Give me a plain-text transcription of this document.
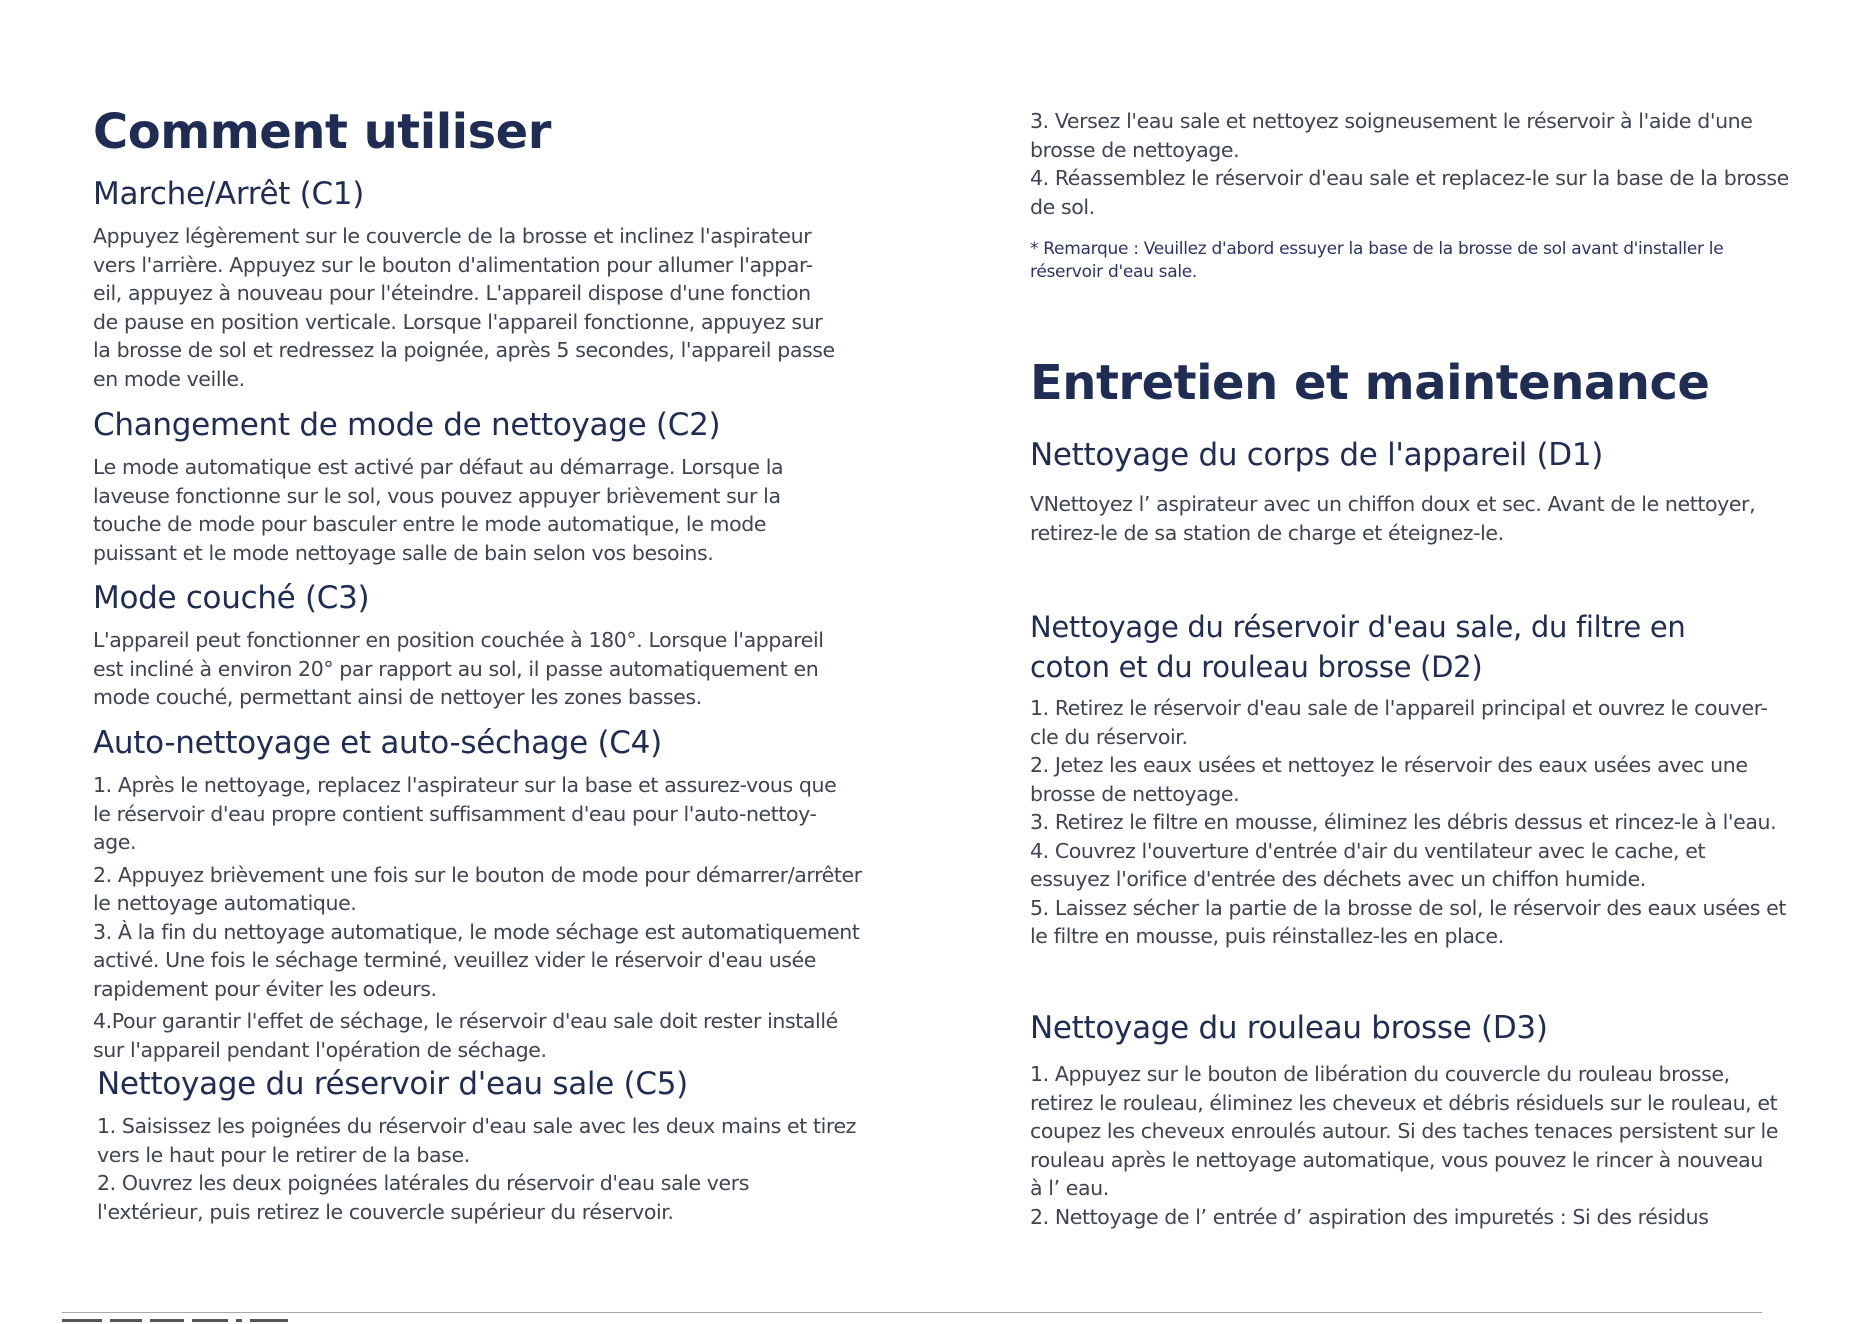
Comment utiliser
Marche/Arrêt (C1)

Appuyez légèrement sur le couvercle de la brosse et inclinez l'aspirateur

vers l'arrière. Appuyez sur le bouton d'alimentation pour allumer l'appar-

eil, appuyez à nouveau pour l'éteindre. L'appareil dispose d'une fonction

de pause en position verticale. Lorsque l'appareil fonctionne, appuyez sur

la brosse de sol et redressez la poignée, après 5 secondes, l'appareil passe

en mode veille.

Changement de mode de nettoyage (C2)

Le mode automatique est activé par défaut au démarrage. Lorsque la

laveuse fonctionne sur le sol, vous pouvez appuyer brièvement sur la

touche de mode pour basculer entre le mode automatique, le mode

puissant et le mode nettoyage salle de bain selon vos besoins.

Mode couché (C3)

L'appareil peut fonctionner en position couchée à 180°. Lorsque l'appareil

est incliné à environ 20° par rapport au sol, il passe automatiquement en

mode couché, permettant ainsi de nettoyer les zones basses.

Auto-nettoyage et auto-séchage (C4)

1. Après le nettoyage, replacez l'aspirateur sur la base et assurez-vous que

le réservoir d'eau propre contient suffisamment d'eau pour l'auto-nettoy-

age.

2. Appuyez brièvement une fois sur le bouton de mode pour démarrer/arrêter

le nettoyage automatique.

3. À la fin du nettoyage automatique, le mode séchage est automatiquement

activé. Une fois le séchage terminé, veuillez vider le réservoir d'eau usée

rapidement pour éviter les odeurs.

4.Pour garantir l'effet de séchage, le réservoir d'eau sale doit rester installé

sur l'appareil pendant l'opération de séchage.

Nettoyage du réservoir d'eau sale (C5)

1. Saisissez les poignées du réservoir d'eau sale avec les deux mains et tirez

vers le haut pour le retirer de la base.

2. Ouvrez les deux poignées latérales du réservoir d'eau sale vers

l'extérieur, puis retirez le couvercle supérieur du réservoir.

3. Versez l'eau sale et nettoyez soigneusement le réservoir à l'aide d'une

brosse de nettoyage.

4. Réassemblez le réservoir d'eau sale et replacez-le sur la base de la brosse

de sol.

* Remarque : Veuillez d'abord essuyer la base de la brosse de sol avant d'installer le

réservoir d'eau sale.

Entretien et maintenance
Nettoyage du corps de l'appareil (D1)

VNettoyez l’ aspirateur avec un chiffon doux et sec. Avant de le nettoyer,

retirez-le de sa station de charge et éteignez-le.

Nettoyage du réservoir d'eau sale, du filtre en
coton et du rouleau brosse (D2)

1. Retirez le réservoir d'eau sale de l'appareil principal et ouvrez le couver-

cle du réservoir.

2. Jetez les eaux usées et nettoyez le réservoir des eaux usées avec une

brosse de nettoyage.

3. Retirez le filtre en mousse, éliminez les débris dessus et rincez-le à l'eau.

4. Couvrez l'ouverture d'entrée d'air du ventilateur avec le cache, et

essuyez l'orifice d'entrée des déchets avec un chiffon humide.

5. Laissez sécher la partie de la brosse de sol, le réservoir des eaux usées et

le filtre en mousse, puis réinstallez-les en place.

Nettoyage du rouleau brosse (D3)

1. Appuyez sur le bouton de libération du couvercle du rouleau brosse,

retirez le rouleau, éliminez les cheveux et débris résiduels sur le rouleau, et

coupez les cheveux enroulés autour. Si des taches tenaces persistent sur le

rouleau après le nettoyage automatique, vous pouvez le rincer à nouveau

à l’ eau.

2. Nettoyage de l’ entrée d’ aspiration des impuretés : Si des résidus
